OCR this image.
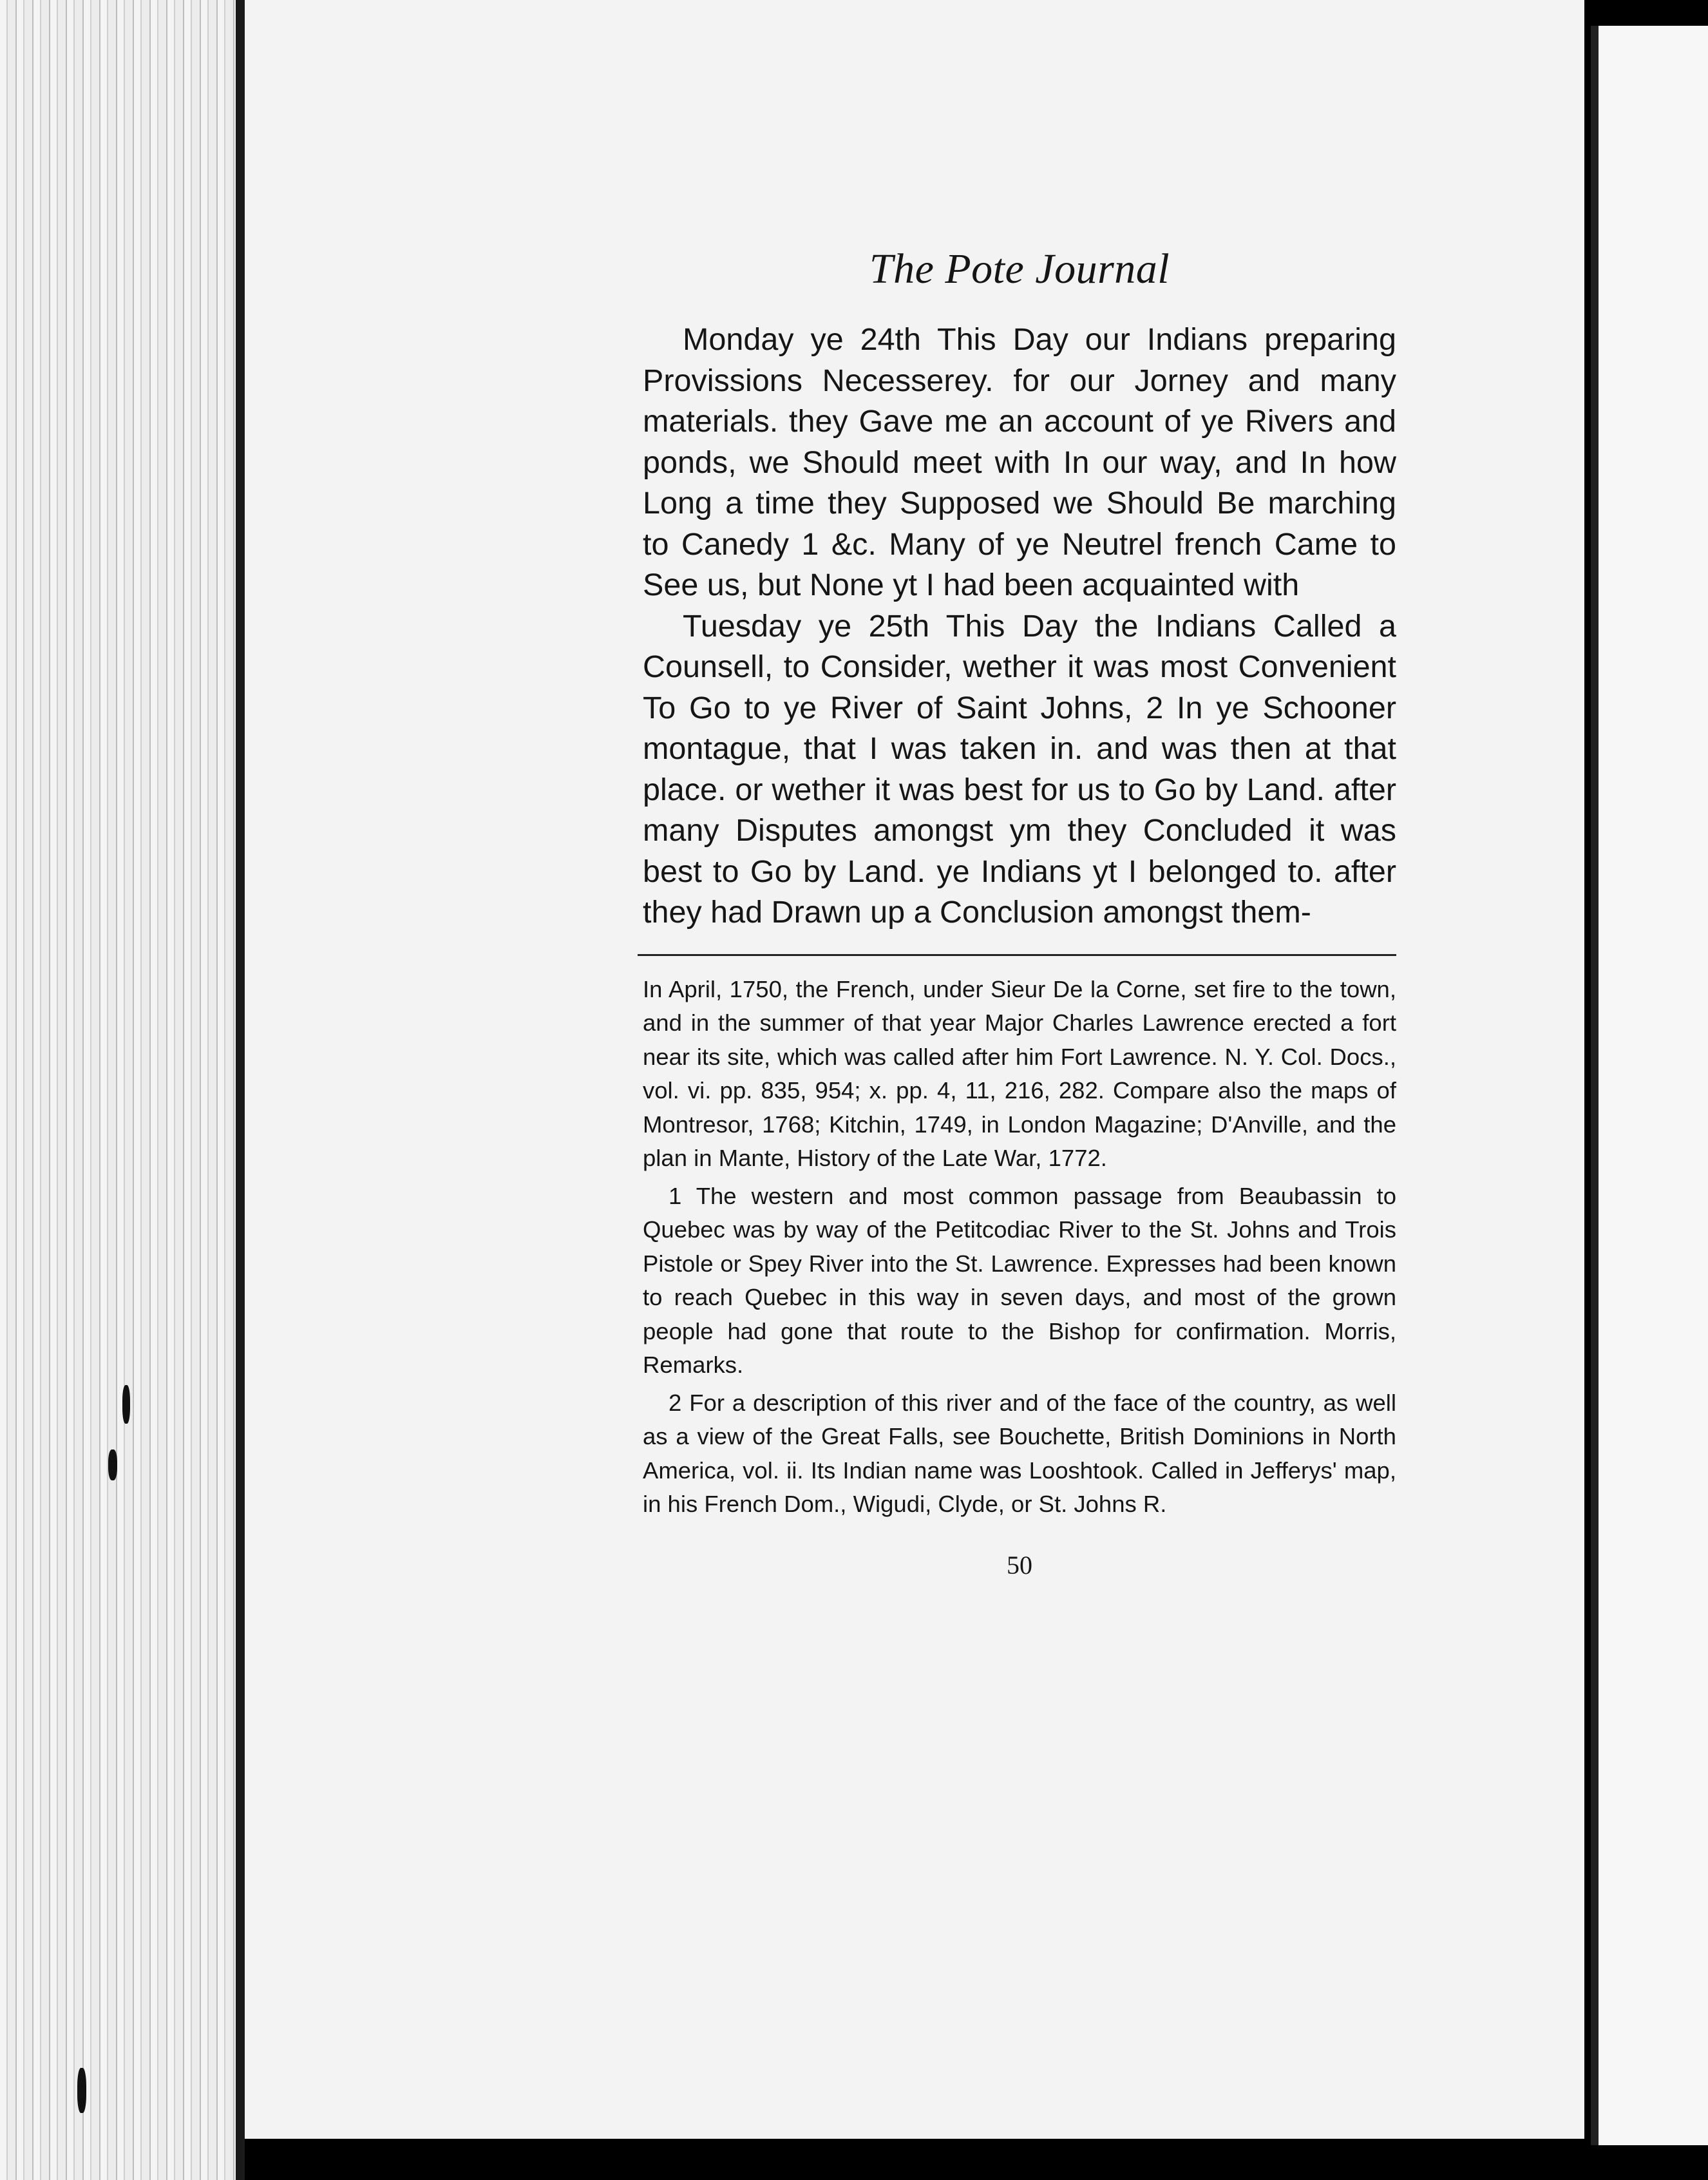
The Pote Journal

Monday ye 24th This Day our Indians preparing Provissions Necesserey. for our Jorney and many materials. they Gave me an account of ye Rivers and ponds, we Should meet with In our way, and In how Long a time they Supposed we Should Be marching to Canedy 1 &c. Many of ye Neutrel french Came to See us, but None yt I had been acquainted with

Tuesday ye 25th This Day the Indians Called a Counsell, to Consider, wether it was most Convenient To Go to ye River of Saint Johns, 2 In ye Schooner montague, that I was taken in. and was then at that place. or wether it was best for us to Go by Land. after many Disputes amongst ym they Concluded it was best to Go by Land. ye Indians yt I belonged to. after they had Drawn up a Conclusion amongst them-

In April, 1750, the French, under Sieur De la Corne, set fire to the town, and in the summer of that year Major Charles Lawrence erected a fort near its site, which was called after him Fort Lawrence. N. Y. Col. Docs., vol. vi. pp. 835, 954; x. pp. 4, 11, 216, 282. Compare also the maps of Montresor, 1768; Kitchin, 1749, in London Magazine; D'Anville, and the plan in Mante, History of the Late War, 1772.

1 The western and most common passage from Beaubassin to Quebec was by way of the Petitcodiac River to the St. Johns and Trois Pistole or Spey River into the St. Lawrence. Expresses had been known to reach Quebec in this way in seven days, and most of the grown people had gone that route to the Bishop for confirmation. Morris, Remarks.

2 For a description of this river and of the face of the country, as well as a view of the Great Falls, see Bouchette, British Dominions in North America, vol. ii. Its Indian name was Looshtook. Called in Jefferys' map, in his French Dom., Wigudi, Clyde, or St. Johns R.

50
